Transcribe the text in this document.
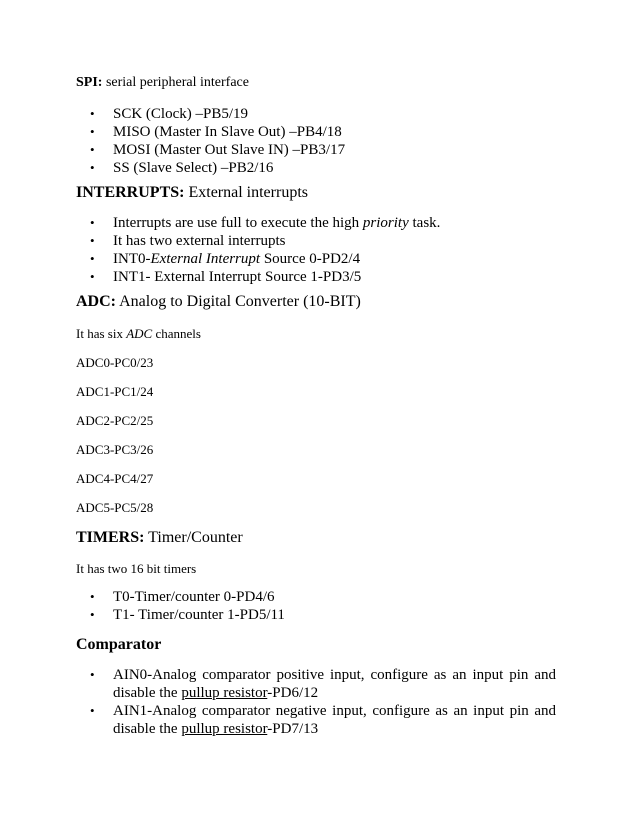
SPI: serial peripheral interface
• SCK (Clock) –PB5/19
• MISO (Master In Slave Out) –PB4/18
• MOSI (Master Out Slave IN) –PB3/17
• SS (Slave Select) –PB2/16
INTERRUPTS: External interrupts
• Interrupts are use full to execute the high priority task.
• It has two external interrupts
• INT0-External Interrupt Source 0-PD2/4
• INT1- External Interrupt Source 1-PD3/5
ADC: Analog to Digital Converter (10-BIT)
It has six ADC channels
ADC0-PC0/23
ADC1-PC1/24
ADC2-PC2/25
ADC3-PC3/26
ADC4-PC4/27
ADC5-PC5/28
TIMERS: Timer/Counter
It has two 16 bit timers
• T0-Timer/counter 0-PD4/6
• T1- Timer/counter 1-PD5/11
Comparator
• AIN0-Analog comparator positive input, configure as an input pin and disable the pullup resistor-PD6/12
• AIN1-Analog comparator negative input, configure as an input pin and disable the pullup resistor-PD7/13
